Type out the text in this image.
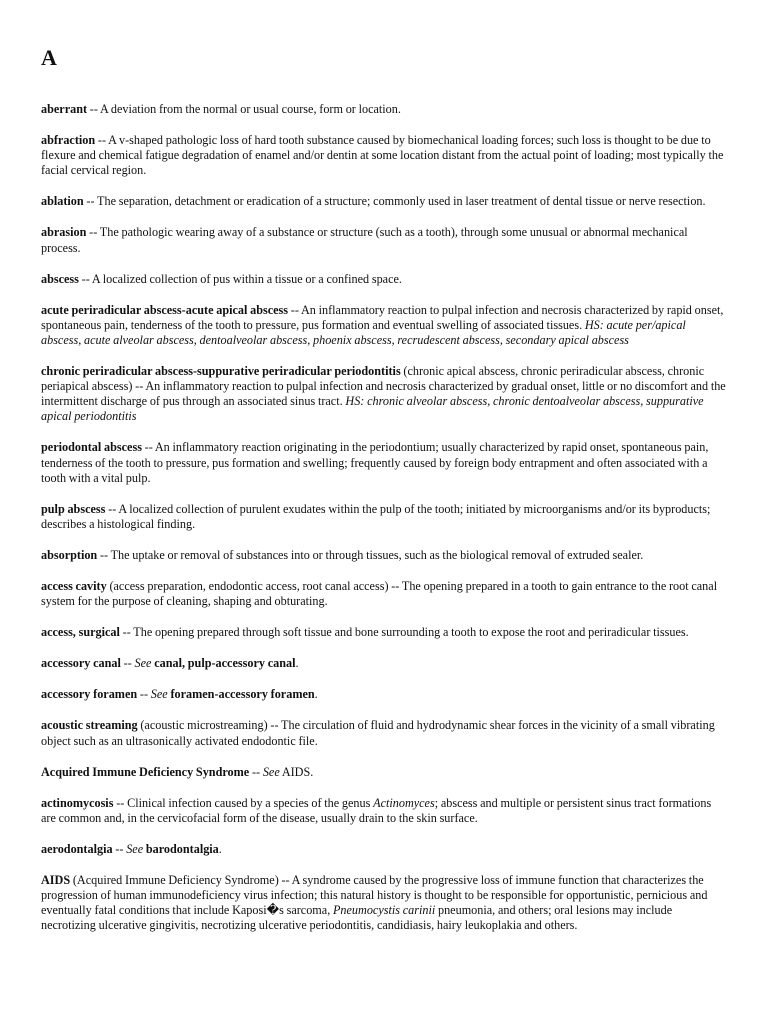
A

aberrant -- A deviation from the normal or usual course, form or location.

abfraction -- A v-shaped pathologic loss of hard tooth substance caused by biomechanical loading forces; such loss is thought to be due to flexure and chemical fatigue degradation of enamel and/or dentin at some location distant from the actual point of loading; most typically the facial cervical region.

ablation -- The separation, detachment or eradication of a structure; commonly used in laser treatment of dental tissue or nerve resection.

abrasion -- The pathologic wearing away of a substance or structure (such as a tooth), through some unusual or abnormal mechanical process.

abscess -- A localized collection of pus within a tissue or a confined space.

acute periradicular abscess-acute apical abscess -- An inflammatory reaction to pulpal infection and necrosis characterized by rapid onset, spontaneous pain, tenderness of the tooth to pressure, pus formation and eventual swelling of associated tissues. HS: acute per/apical abscess, acute alveolar abscess, dentoalveolar abscess, phoenix abscess, recrudescent abscess, secondary apical abscess

chronic periradicular abscess-suppurative periradicular periodontitis (chronic apical abscess, chronic periradicular abscess, chronic periapical abscess) -- An inflammatory reaction to pulpal infection and necrosis characterized by gradual onset, little or no discomfort and the intermittent discharge of pus through an associated sinus tract. HS: chronic alveolar abscess, chronic dentoalveolar abscess, suppurative apical periodontitis

periodontal abscess -- An inflammatory reaction originating in the periodontium; usually characterized by rapid onset, spontaneous pain, tenderness of the tooth to pressure, pus formation and swelling; frequently caused by foreign body entrapment and often associated with a tooth with a vital pulp.

pulp abscess -- A localized collection of purulent exudates within the pulp of the tooth; initiated by microorganisms and/or its byproducts; describes a histological finding.

absorption -- The uptake or removal of substances into or through tissues, such as the biological removal of extruded sealer.

access cavity (access preparation, endodontic access, root canal access) -- The opening prepared in a tooth to gain entrance to the root canal system for the purpose of cleaning, shaping and obturating.

access, surgical -- The opening prepared through soft tissue and bone surrounding a tooth to expose the root and periradicular tissues.

accessory canal -- See canal, pulp-accessory canal.

accessory foramen -- See foramen-accessory foramen.

acoustic streaming (acoustic microstreaming) -- The circulation of fluid and hydrodynamic shear forces in the vicinity of a small vibrating object such as an ultrasonically activated endodontic file.

Acquired Immune Deficiency Syndrome -- See AIDS.

actinomycosis -- Clinical infection caused by a species of the genus Actinomyces; abscess and multiple or persistent sinus tract formations are common and, in the cervicofacial form of the disease, usually drain to the skin surface.

aerodontalgia -- See barodontalgia.

AIDS (Acquired Immune Deficiency Syndrome) -- A syndrome caused by the progressive loss of immune function that characterizes the progression of human immunodeficiency virus infection; this natural history is thought to be responsible for opportunistic, pernicious and eventually fatal conditions that include Kaposi�s sarcoma, Pneumocystis carinii pneumonia, and others; oral lesions may include necrotizing ulcerative gingivitis, necrotizing ulcerative periodontitis, candidiasis, hairy leukoplakia and others.
